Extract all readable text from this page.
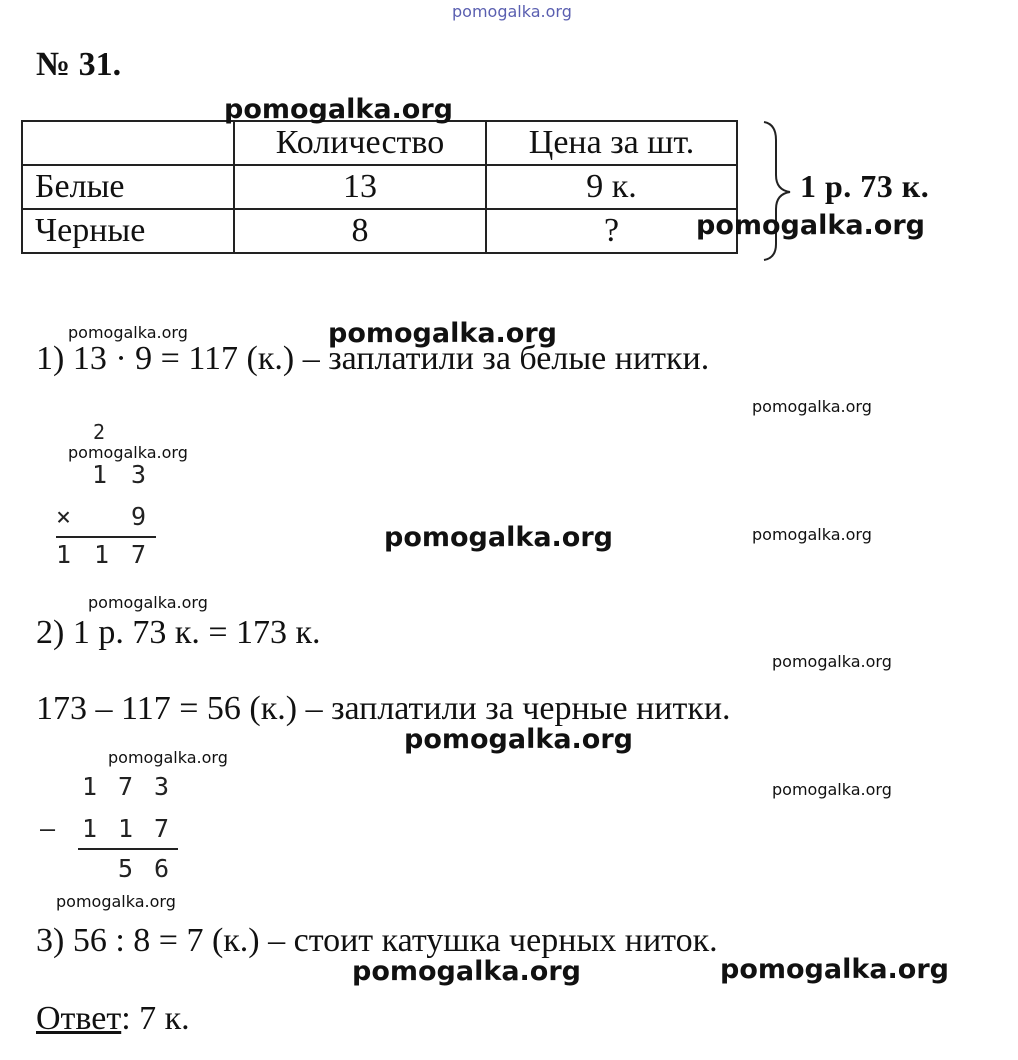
pomogalka.org
№ 31.
	Количество	Цена за шт.
Белые	13	9 к.
Черные	8	?
1 р. 73 к.
pomogalka.org
pomogalka.org
pomogalka.org	pomogalka.org
1) 13 · 9 = 117 (к.) – заплатили за белые нитки.
pomogalka.org
2
pomogalka.org
1 3
× 9
1 1 7
pomogalka.org	pomogalka.org
pomogalka.org
2) 1 р. 73 к. = 173 к.
pomogalka.org
173 – 117 = 56 (к.) – заплатили за черные нитки.
pomogalka.org
pomogalka.org
1 7 3	pomogalka.org
– 1 1 7
5 6
pomogalka.org
3) 56 : 8 = 7 (к.) – стоит катушка черных ниток.
pomogalka.org	pomogalka.org
Ответ: 7 к.
